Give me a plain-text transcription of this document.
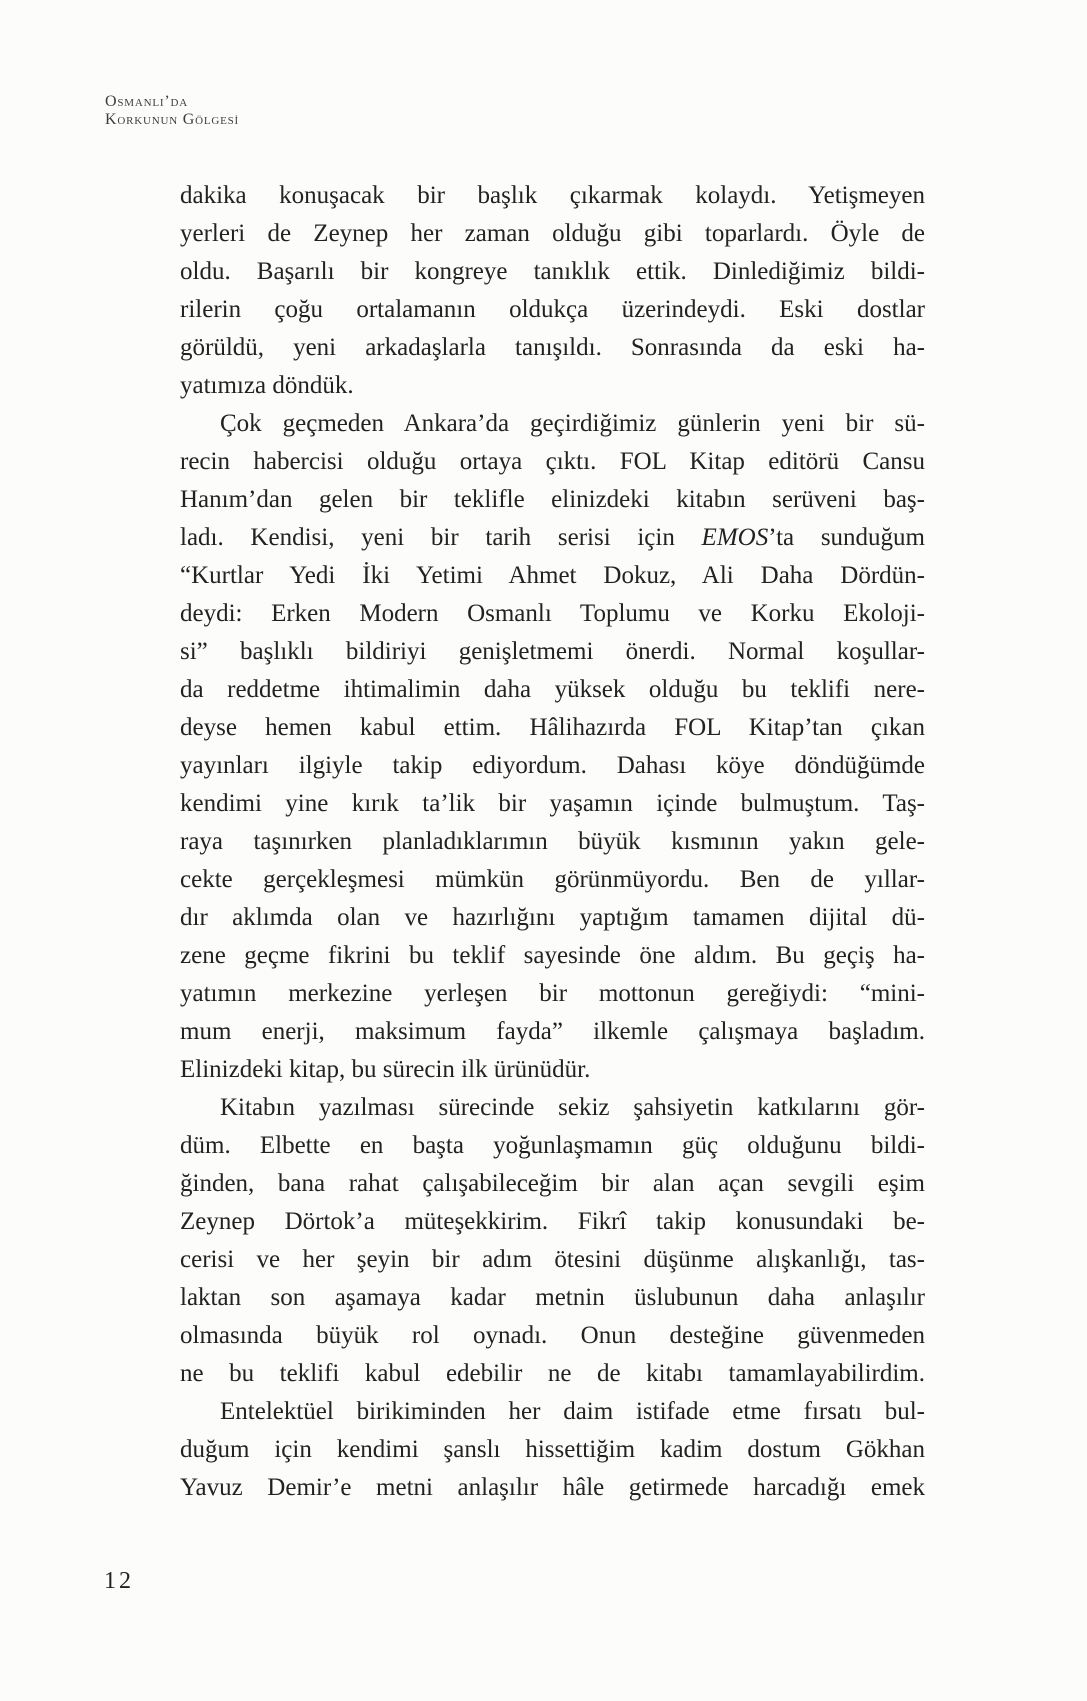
Osmanlı’da
Korkunun Gölgesi
dakika konuşacak bir başlık çıkarmak kolaydı. Yetişmeyen
yerleri de Zeynep her zaman olduğu gibi toparlardı. Öyle de
oldu. Başarılı bir kongreye tanıklık ettik. Dinlediğimiz bildi-
rilerin çoğu ortalamanın oldukça üzerindeydi. Eski dostlar
görüldü, yeni arkadaşlarla tanışıldı. Sonrasında da eski ha-
yatımıza döndük.
Çok geçmeden Ankara’da geçirdiğimiz günlerin yeni bir sü-
recin habercisi olduğu ortaya çıktı. FOL Kitap editörü Cansu
Hanım’dan gelen bir teklifle elinizdeki kitabın serüveni baş-
ladı. Kendisi, yeni bir tarih serisi için EMOS’ta sunduğum
“Kurtlar Yedi İki Yetimi Ahmet Dokuz, Ali Daha Dördün-
deydi: Erken Modern Osmanlı Toplumu ve Korku Ekoloji-
si” başlıklı bildiriyi genişletmemi önerdi. Normal koşullar-
da reddetme ihtimalimin daha yüksek olduğu bu teklifi nere-
deyse hemen kabul ettim. Hâlihazırda FOL Kitap’tan çıkan
yayınları ilgiyle takip ediyordum. Dahası köye döndüğümde
kendimi yine kırık ta’lik bir yaşamın içinde bulmuştum. Taş-
raya taşınırken planladıklarımın büyük kısmının yakın gele-
cekte gerçekleşmesi mümkün görünmüyordu. Ben de yıllar-
dır aklımda olan ve hazırlığını yaptığım tamamen dijital dü-
zene geçme fikrini bu teklif sayesinde öne aldım. Bu geçiş ha-
yatımın merkezine yerleşen bir mottonun gereğiydi: “mini-
mum enerji, maksimum fayda” ilkemle çalışmaya başladım.
Elinizdeki kitap, bu sürecin ilk ürünüdür.
Kitabın yazılması sürecinde sekiz şahsiyetin katkılarını gör-
düm. Elbette en başta yoğunlaşmamın güç olduğunu bildi-
ğinden, bana rahat çalışabileceğim bir alan açan sevgili eşim
Zeynep Dörtok’a müteşekkirim. Fikrî takip konusundaki be-
cerisi ve her şeyin bir adım ötesini düşünme alışkanlığı, tas-
laktan son aşamaya kadar metnin üslubunun daha anlaşılır
olmasında büyük rol oynadı. Onun desteğine güvenmeden
ne bu teklifi kabul edebilir ne de kitabı tamamlayabilirdim.
Entelektüel birikiminden her daim istifade etme fırsatı bul-
duğum için kendimi şanslı hissettiğim kadim dostum Gökhan
Yavuz Demir’e metni anlaşılır hâle getirmede harcadığı emek
12
